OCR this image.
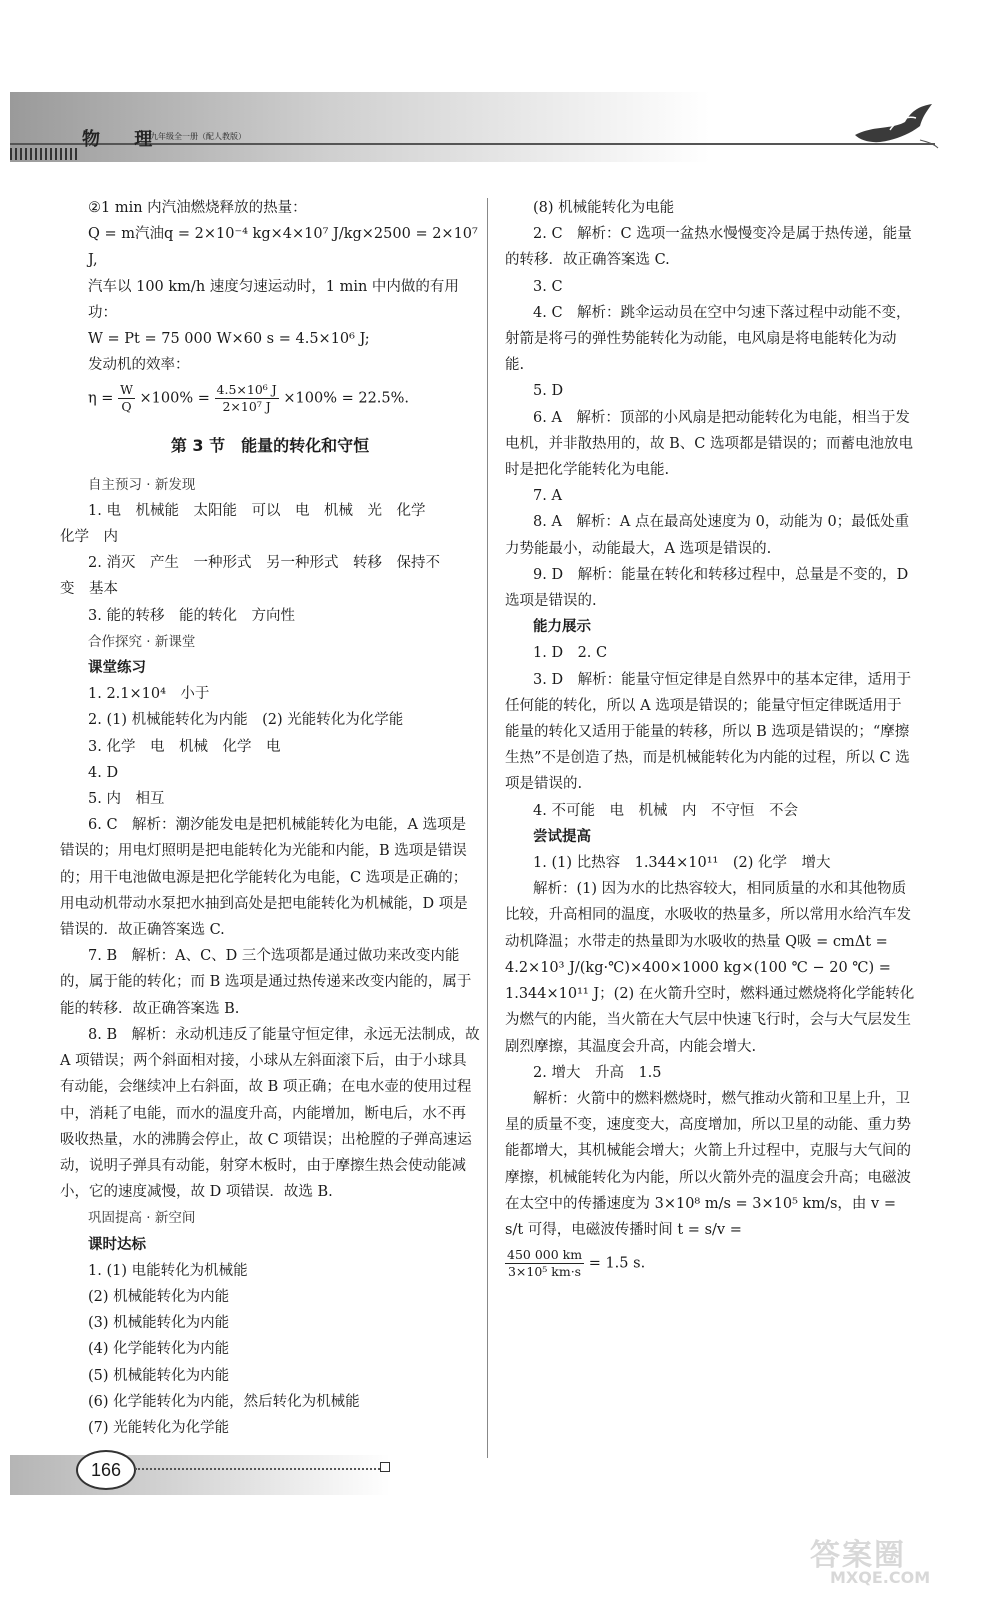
物 理
九年级全一册（配人教版）

②1 min 内汽油燃烧释放的热量：

Q = m汽油q = 2×10⁻⁴ kg×4×10⁷ J/kg×2500 = 2×10⁷ J,

汽车以 100 km/h 速度匀速运动时，1 min 中内做的有用功：

W = Pt = 75 000 W×60 s = 4.5×10⁶ J;

发动机的效率：

$\eta = \frac{W}{Q} \times 100\% = \frac{\text{4.5×10⁶ J}}{\text{2×10⁷ J}} \times 100\% = 22.5\%$.

第 3 节　能量的转化和守恒

自主预习 · 新发现

1. 电　机械能　太阳能　可以　电　机械　光　化学

化学　内

2. 消灭　产生　一种形式　另一种形式　转移　保持不

变　基本

3. 能的转移　能的转化　方向性

合作探究 · 新课堂

课堂练习

1. 2.1×10⁴　小于

2. (1) 机械能转化为内能　(2) 光能转化为化学能

3. 化学　电　机械　化学　电

4. D

5. 内　相互

6. C　解析：潮汐能发电是把机械能转化为电能，A 选项是错误的；用电灯照明是把电能转化为光能和内能，B 选项是错误的；用干电池做电源是把化学能转化为电能，C 选项是正确的；用电动机带动水泵把水抽到高处是把电能转化为机械能，D 项是错误的．故正确答案选 C.

7. B　解析：A、C、D 三个选项都是通过做功来改变内能的，属于能的转化；而 B 选项是通过热传递来改变内能的，属于能的转移．故正确答案选 B.

8. B　解析：永动机违反了能量守恒定律，永远无法制成，故 A 项错误；两个斜面相对接，小球从左斜面滚下后，由于小球具有动能，会继续冲上右斜面，故 B 项正确；在电水壶的使用过程中，消耗了电能，而水的温度升高，内能增加，断电后，水不再吸收热量，水的沸腾会停止，故 C 项错误；出枪膛的子弹高速运动，说明子弹具有动能，射穿木板时，由于摩擦生热会使动能减小，它的速度减慢，故 D 项错误．故选 B.

巩固提高 · 新空间

课时达标

1. (1) 电能转化为机械能

(2) 机械能转化为内能

(3) 机械能转化为内能

(4) 化学能转化为内能

(5) 机械能转化为内能

(6) 化学能转化为内能，然后转化为机械能

(7) 光能转化为化学能

(8) 机械能转化为电能

2. C　解析：C 选项一盆热水慢慢变冷是属于热传递，能量的转移．故正确答案选 C.

3. C

4. C　解析：跳伞运动员在空中匀速下落过程中动能不变，射箭是将弓的弹性势能转化为动能，电风扇是将电能转化为动能.

5. D

6. A　解析：顶部的小风扇是把动能转化为电能，相当于发电机，并非散热用的，故 B、C 选项都是错误的；而蓄电池放电时是把化学能转化为电能.

7. A

8. A　解析：A 点在最高处速度为 0，动能为 0；最低处重力势能最小，动能最大，A 选项是错误的.

9. D　解析：能量在转化和转移过程中，总量是不变的，D 选项是错误的.

能力展示

1. D　2. C

3. D　解析：能量守恒定律是自然界中的基本定律，适用于任何能的转化，所以 A 选项是错误的；能量守恒定律既适用于能量的转化又适用于能量的转移，所以 B 选项是错误的；“摩擦生热”不是创造了热，而是机械能转化为内能的过程，所以 C 选项是错误的.

4. 不可能　电　机械　内　不守恒　不会

尝试提高

1. (1) 比热容　1.344×10¹¹　(2) 化学　增大

解析：(1) 因为水的比热容较大，相同质量的水和其他物质比较，升高相同的温度，水吸收的热量多，所以常用水给汽车发动机降温；水带走的热量即为水吸收的热量 Q吸 = cmΔt = 4.2×10³ J/(kg·℃)×400×1000 kg×(100 ℃ − 20 ℃) = 1.344×10¹¹ J；(2) 在火箭升空时，燃料通过燃烧将化学能转化为燃气的内能，当火箭在大气层中快速飞行时，会与大气层发生剧烈摩擦，其温度会升高，内能会增大.

2. 增大　升高　1.5

解析：火箭中的燃料燃烧时，燃气推动火箭和卫星上升，卫星的质量不变，速度变大，高度增加，所以卫星的动能、重力势能都增大，其机械能会增大；火箭上升过程中，克服与大气间的摩擦，机械能转化为内能，所以火箭外壳的温度会升高；电磁波在太空中的传播速度为 3×10⁸ m/s = 3×10⁵ km/s，由 v = s/t 可得，电磁波传播时间 t = s/v =

$\frac{450 000 km}{\text{3×10⁵ km·s}} = 1.5$ s.

166
答案圈
MXQE.COM
